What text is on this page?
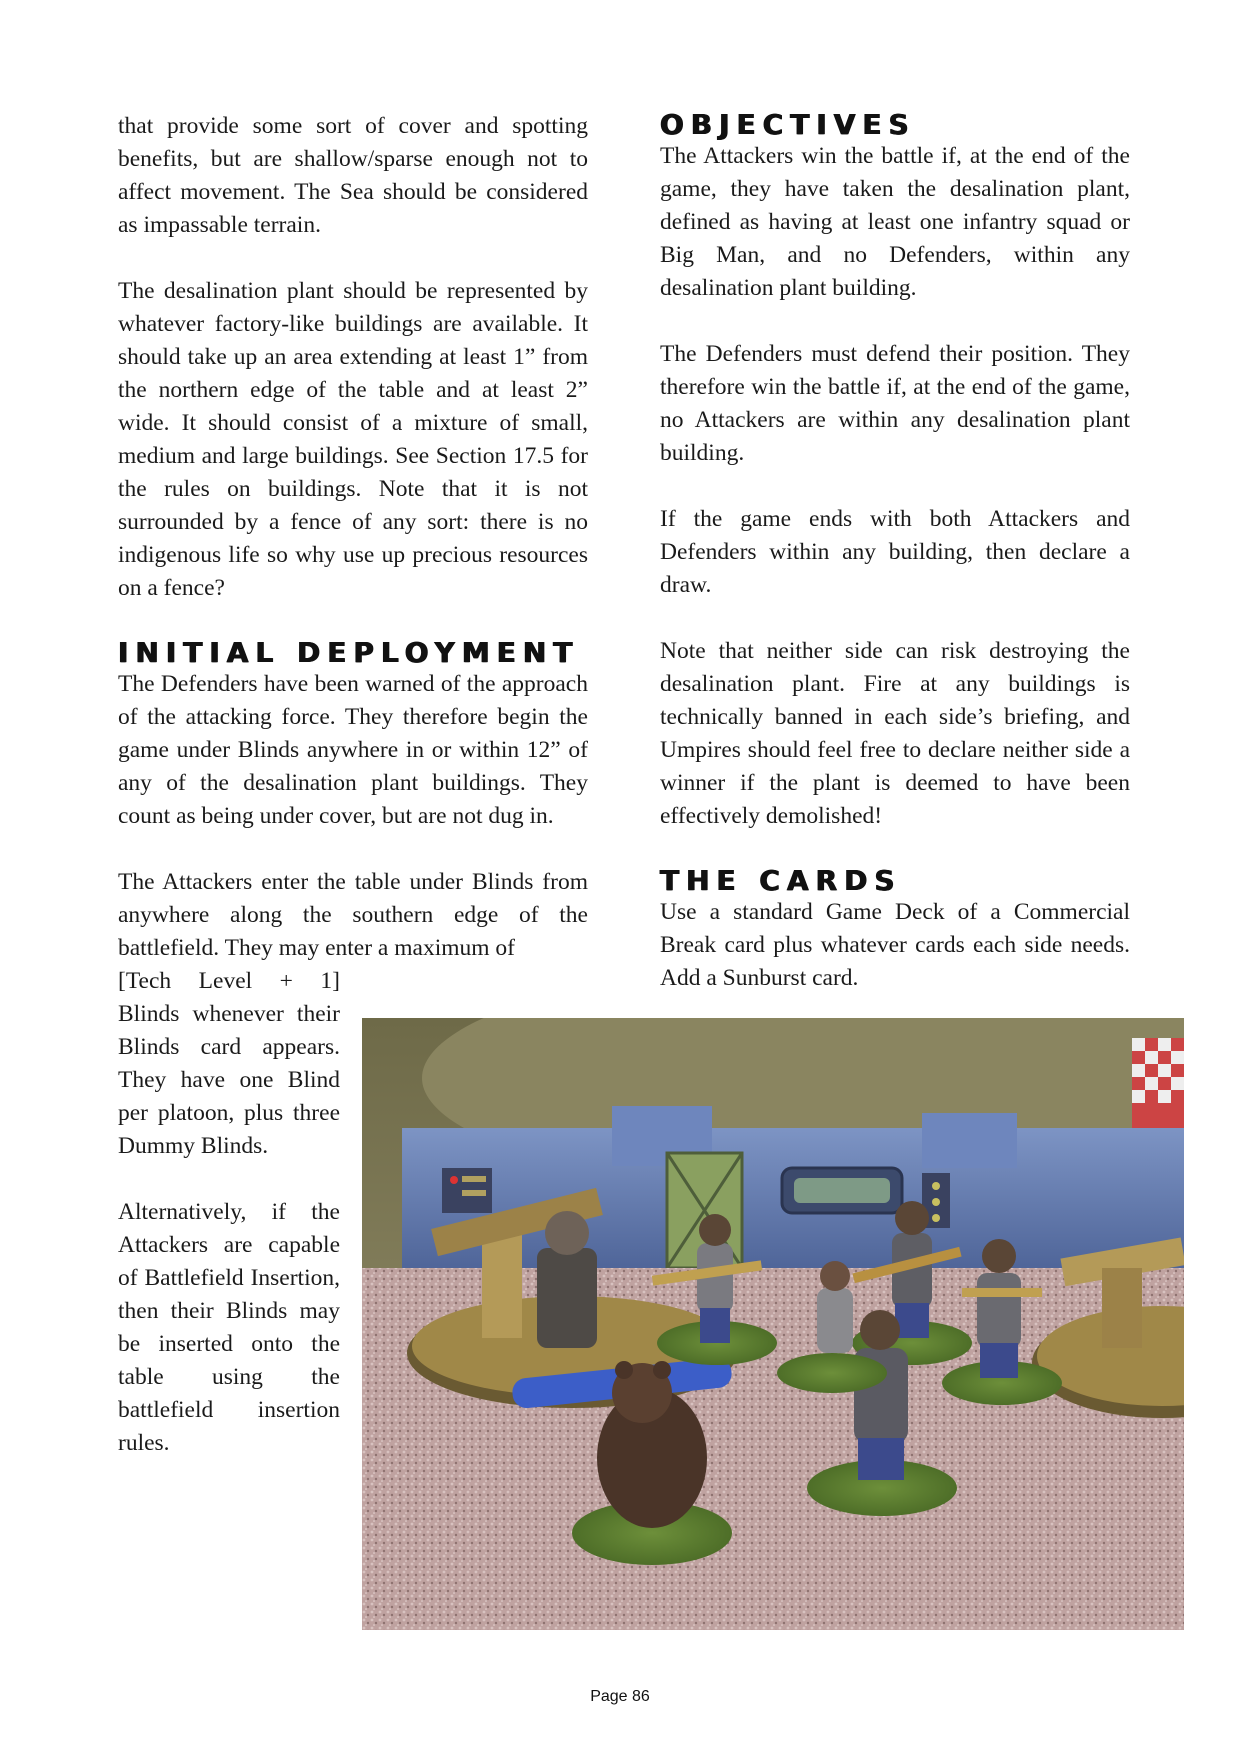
that provide some sort of cover and spotting benefits, but are shallow/sparse enough not to affect movement. The Sea should be considered as impassable terrain.

The desalination plant should be represented by whatever factory-like buildings are available. It should take up an area extending at least 1” from the northern edge of the table and at least 2” wide. It should consist of a mixture of small, medium and large buildings. See Section 17.5 for the rules on buildings. Note that it is not surrounded by a fence of any sort: there is no indigenous life so why use up precious resources on a fence?

INITIAL DEPLOYMENT

The Defenders have been warned of the approach of the attacking force. They therefore begin the game under Blinds anywhere in or within 12” of any of the desalination plant buildings. They count as being under cover, but are not dug in.

The Attackers enter the table under Blinds from anywhere along the southern edge of the battlefield. They may enter a maximum of

[Tech Level + 1] Blinds whenever their Blinds card appears. They have one Blind per platoon, plus three Dummy Blinds.

Alternatively, if the Attackers are capable of Battlefield Insertion, then their Blinds may be inserted onto the table using the battlefield insertion rules.

OBJECTIVES

The Attackers win the battle if, at the end of the game, they have taken the desalination plant, defined as having at least one infantry squad or Big Man, and no Defenders, within any desalination plant building.

The Defenders must defend their position. They therefore win the battle if, at the end of the game, no Attackers are within any desalination plant building.

If the game ends with both Attackers and Defenders within any building, then declare a draw.

Note that neither side can risk destroying the desalination plant. Fire at any buildings is technically banned in each side’s briefing, and Umpires should feel free to declare neither side a winner if the plant is deemed to have been effectively demolished!

THE CARDS

Use a standard Game Deck of a Commercial Break card plus whatever cards each side needs. Add a Sunburst card.

Page 86
